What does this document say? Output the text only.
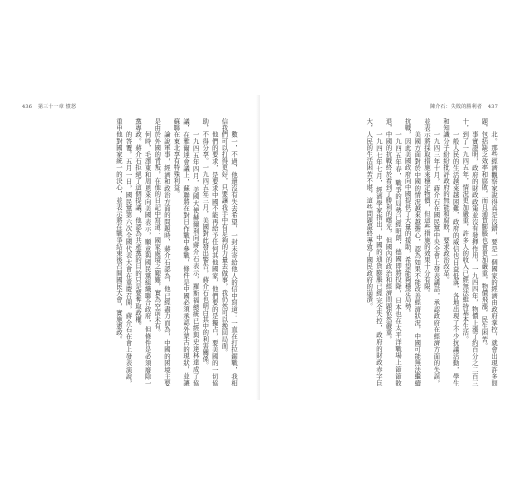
436 第三十一章 憤怒

數一，不過，他還沒有失去希望，一封未寄給他人的信中寫道：一直在打拉鋸戰，我相信我們可以打得更好，只要讓我手中有足夠的力量去做事，我仍然可以挽回局面。

他們的要求，是要求中國不能再給予任何其他國家，他們要的是獨占，要美國的一切協助，不得分享。一九四五年三月，美國對此發出警告，蔣介石也明白其中的利害關係。

一九四五年四月，美國大使赫爾利向蔣介石表示，羅斯福總統已經與史達林達成了協議，在雅爾達會議上，蘇聯將在對日作戰中參戰，條件是中國必須承認外蒙古的現狀，並讓蘇聯在東北享有特殊利益。

論說軍事，經濟和政治方面的問題時，蔣介石認為，他已經盡力而為，中國的困境主要是由於外國的背叛，在他的日記中寫道：國家處境之艱難，實為空前未有。

何時，毛澤東和周恩來向美國表示，願意與國民黨組織聯合政府，但條件是必須廢除一黨專政。蔣介石拒絕了這個提議，他認為共產黨的目的只是要奪取政權。

的答覆。五月一日，國民黨第六次全國代表大會在重慶召開，蔣介石在會上發表演說，重申他對國家統一的決心，並表示將在戰爭結束後召開國民大會，實施憲政。

陳介石：失敗的勝利者 437

北。那些經濟觀察家說得真是沒錯，要是一個國家的經濟由政府掌控，就會出現許多問題，包括缺乏效率和腐敗，而且通貨膨脹也會更加嚴重，物價飛漲，民生困苦。

事實證明，政府的財政政策並沒有發揮作用，一九四四年，物價上漲了約百分之二百三十，到了一九四五年，情況更加嚴重，許多人的收入已經無法維持基本生活。

一般人民的生活越來越困難，政府的威信也日益低落，各地出現了不少抗議活動，學生和知識分子紛紛批評政府的無能和腐敗，要求政治改革。

一九四三年十月，蔣介石在國民黨中央全會上發表講話，承認政府在經濟方面的失誤，並表示將採取措施來穩定物價，但這些措施的效果十分有限。

美國方面對於中國的情況越來越擔心，認為如果不能改善經濟狀況，中國可能無法繼續抗戰，因此美國政府向中國提供了大量的援助，希望能夠穩定局勢。

一九四五年春，戰爭的局勢已經明朗，德國即將投降，日本也在太平洋戰場上節節敗退，中國的抗戰終於看到了勝利的曙光，但國內的政治和經濟問題依然嚴重。

一九四七年七月，經濟學家指出，中國的通貨膨脹已經完全失控，政府的財政赤字巨大，人民的生活困苦不堪，這些問題最終導致了國民政府的崩潰。
